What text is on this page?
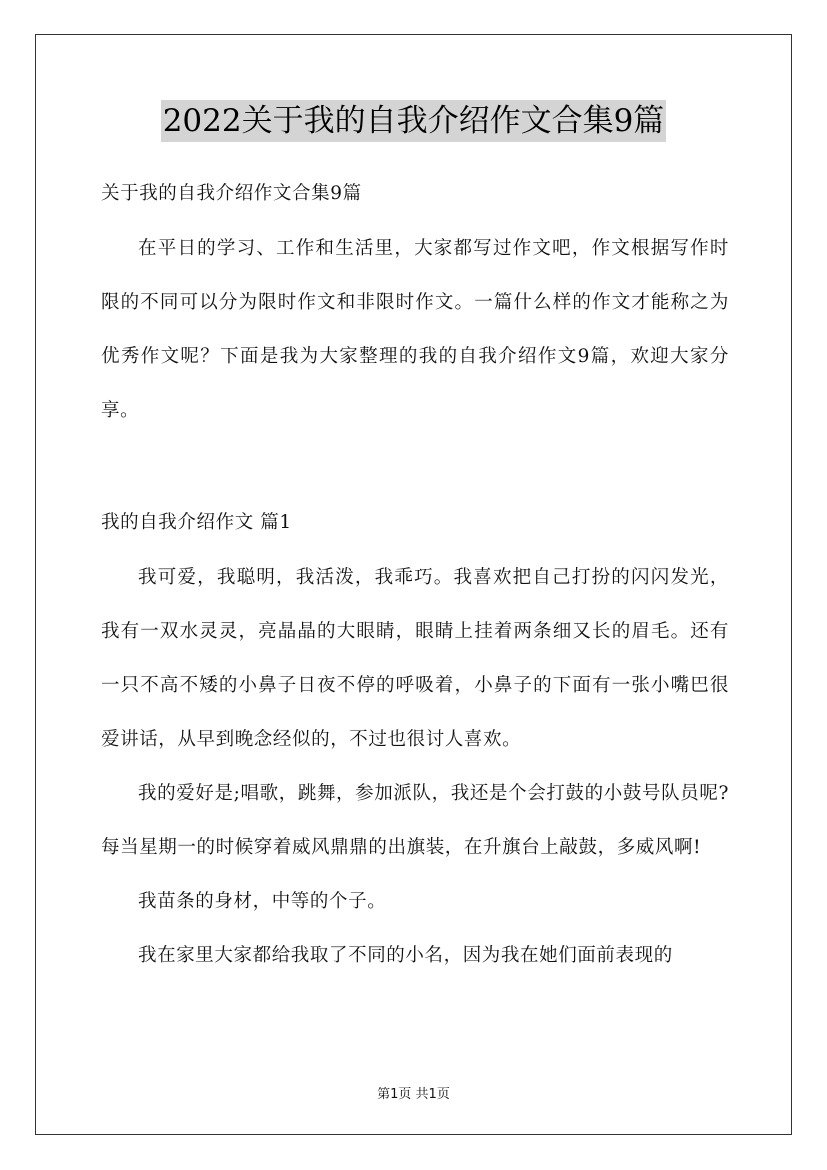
2022关于我的自我介绍作文合集9篇

关于我的自我介绍作文合集9篇

在平日的学习、工作和生活里，大家都写过作文吧，作文根据写作时限的不同可以分为限时作文和非限时作文。一篇什么样的作文才能称之为优秀作文呢？下面是我为大家整理的我的自我介绍作文9篇，欢迎大家分享。

我的自我介绍作文 篇1

我可爱，我聪明，我活泼，我乖巧。我喜欢把自己打扮的闪闪发光，我有一双水灵灵，亮晶晶的大眼睛，眼睛上挂着两条细又长的眉毛。还有一只不高不矮的小鼻子日夜不停的呼吸着，小鼻子的下面有一张小嘴巴很爱讲话，从早到晚念经似的，不过也很讨人喜欢。

我的爱好是;唱歌，跳舞，参加派队，我还是个会打鼓的小鼓号队员呢?每当星期一的时候穿着威风鼎鼎的出旗装，在升旗台上敲鼓，多威风啊!

我苗条的身材，中等的个子。

我在家里大家都给我取了不同的小名，因为我在她们面前表现的

第1页 共1页
